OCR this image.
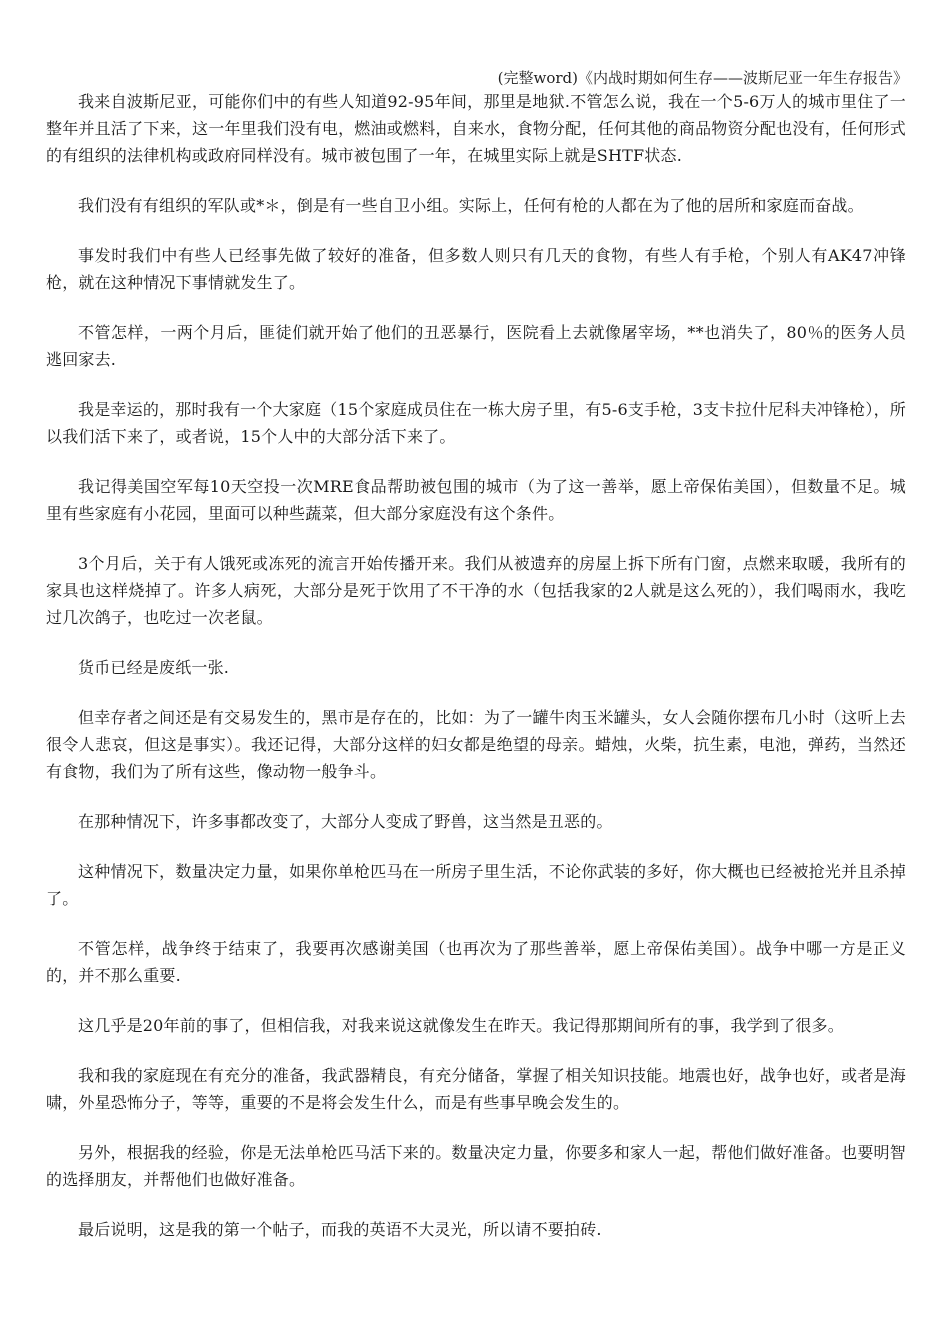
(完整word)《内战时期如何生存——波斯尼亚一年生存报告》

我来自波斯尼亚，可能你们中的有些人知道92-95年间，那里是地狱.不管怎么说，我在一个5-6万人的城市里住了一整年并且活了下来，这一年里我们没有电，燃油或燃料，自来水，食物分配，任何其他的商品物资分配也没有，任何形式的有组织的法律机构或政府同样没有。城市被包围了一年，在城里实际上就是SHTF状态.

我们没有有组织的军队或*＊，倒是有一些自卫小组。实际上，任何有枪的人都在为了他的居所和家庭而奋战。

事发时我们中有些人已经事先做了较好的准备，但多数人则只有几天的食物，有些人有手枪，个别人有AK47冲锋枪，就在这种情况下事情就发生了。

不管怎样，一两个月后，匪徒们就开始了他们的丑恶暴行，医院看上去就像屠宰场，**也消失了，80％的医务人员逃回家去.

我是幸运的，那时我有一个大家庭（15个家庭成员住在一栋大房子里，有5-6支手枪，3支卡拉什尼科夫冲锋枪），所以我们活下来了，或者说，15个人中的大部分活下来了。

我记得美国空军每10天空投一次MRE食品帮助被包围的城市（为了这一善举，愿上帝保佑美国），但数量不足。城里有些家庭有小花园，里面可以种些蔬菜，但大部分家庭没有这个条件。

3个月后，关于有人饿死或冻死的流言开始传播开来。我们从被遗弃的房屋上拆下所有门窗，点燃来取暖，我所有的家具也这样烧掉了。许多人病死，大部分是死于饮用了不干净的水（包括我家的2人就是这么死的），我们喝雨水，我吃过几次鸽子，也吃过一次老鼠。

货币已经是废纸一张.

但幸存者之间还是有交易发生的，黑市是存在的，比如：为了一罐牛肉玉米罐头，女人会随你摆布几小时（这听上去很令人悲哀，但这是事实）。我还记得，大部分这样的妇女都是绝望的母亲。蜡烛，火柴，抗生素，电池，弹药，当然还有食物，我们为了所有这些，像动物一般争斗。

在那种情况下，许多事都改变了，大部分人变成了野兽，这当然是丑恶的。

这种情况下，数量决定力量，如果你单枪匹马在一所房子里生活，不论你武装的多好，你大概也已经被抢光并且杀掉了。

不管怎样，战争终于结束了，我要再次感谢美国（也再次为了那些善举，愿上帝保佑美国）。战争中哪一方是正义的，并不那么重要.

这几乎是20年前的事了，但相信我，对我来说这就像发生在昨天。我记得那期间所有的事，我学到了很多。

我和我的家庭现在有充分的准备，我武器精良，有充分储备，掌握了相关知识技能。地震也好，战争也好，或者是海啸，外星恐怖分子，等等，重要的不是将会发生什么，而是有些事早晚会发生的。

另外，根据我的经验，你是无法单枪匹马活下来的。数量决定力量，你要多和家人一起，帮他们做好准备。也要明智的选择朋友，并帮他们也做好准备。

最后说明，这是我的第一个帖子，而我的英语不大灵光，所以请不要拍砖.
